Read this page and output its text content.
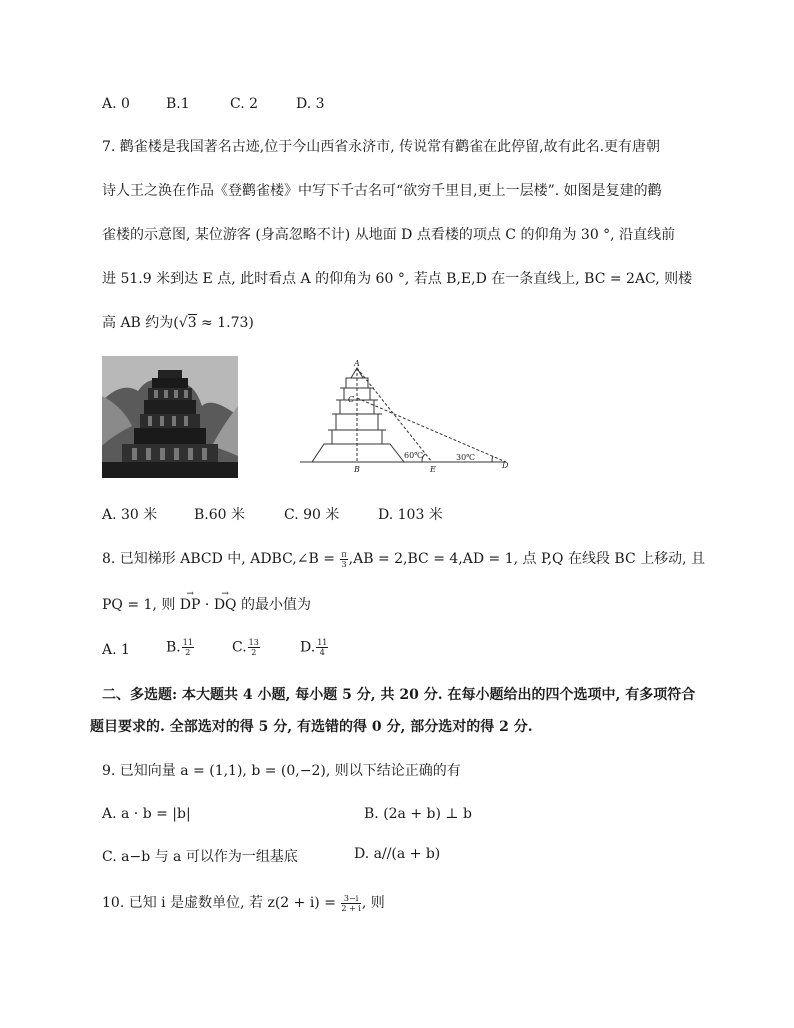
A. 0	B.1	C. 2	D. 3
7. 鹳雀楼是我国著名古迹,位于今山西省永济市, 传说常有鹳雀在此停留,故有此名.更有唐朝
诗人王之涣在作品《登鹳雀楼》中写下千古名可“欲穷千里目,更上一层楼”. 如图是复建的鹳
雀楼的示意图, 某位游客 (身高忽略不计) 从地面 D 点看楼的项点 C 的仰角为 30 °, 沿直线前
进 51.9 米到达 E 点, 此时看点 A 的仰角为 60 °, 若点 B,E,D 在一条直线上, BC = 2AC, 则楼
高 AB 约为(√3 ≈ 1.73)
A
C
B	E	D
60℃	30℃
A. 30 米	B.60 米	C. 90 米	D. 103 米
8. 已知梯形 ABCD 中, ADBC,∠B = $\frac{\pi}{3} ,AB = 2,BC = 4,AD = 1$, 点 P,Q 在线段 BC 上移动, 且
PQ = 1, 则
→
DP ·
→
DQ 的最小值为
A. 1	B. $\frac{11}{2}$	C. $\frac{13}{2}$	D. $\frac{11}{4}$
二、多选题: 本大题共 4 小题, 每小题 5 分, 共 20 分. 在每小题给出的四个选项中, 有多项符合
题目要求的. 全部选对的得 5 分, 有选错的得 0 分, 部分选对的得 2 分.
9. 已知向量 a = (1,1), b = (0,−2), 则以下结论正确的有
A. a · b = |b|	B. (2a + b) ⊥ b
C. a−b 与 a 可以作为一组基底	D. a//(a + b)
10. 已知 i 是虚数单位, 若 $z(2 + i) = \frac{3-i}{2 + i}$ , 则
